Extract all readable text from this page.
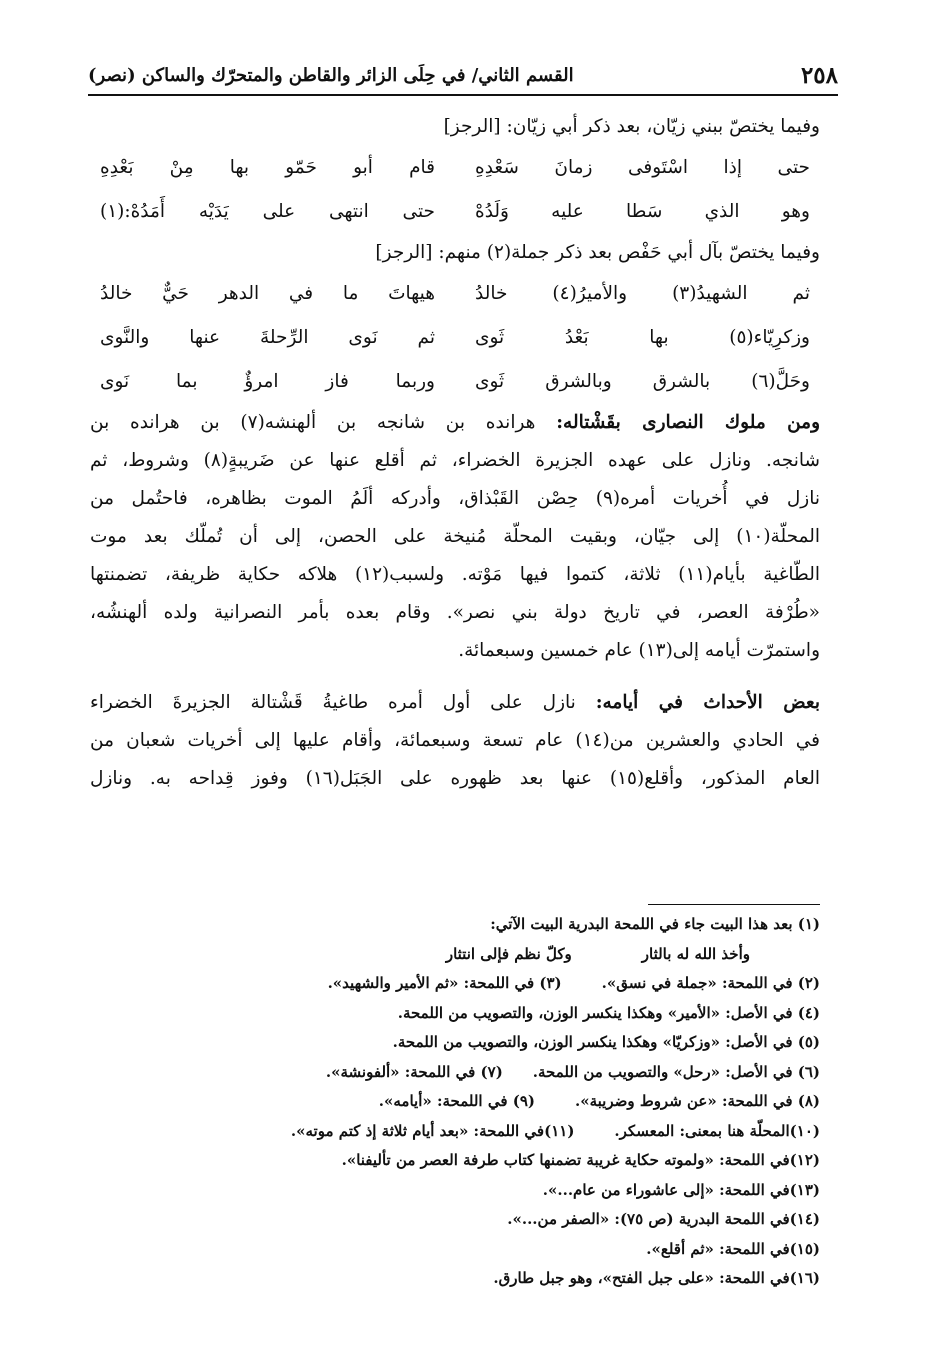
٢٥٨
القسم الثاني/ في حِلَى الزائر والقاطن والمتحرّك والساكن (نصر)
وفيما يختصّ ببني زيّان، بعد ذكر أبي زيّان: [الرجز]
حتى إذا اسْتَوفى زمانَ سَعْدِهِ
قام أبو حَمّو بها مِنْ بَعْدِهِ
وهو الذي سَطا عليه وَلَدُهْ
حتى انتهى على يَدَيْه أَمَدُهْ:(١)
وفيما يختصّ بآل أبي حَفْص بعد ذكر جملة(٢) منهم: [الرجز]
ثم الشهيدُ(٣) والأميرُ(٤) خالدُ
هيهاتَ ما في الدهر حَيٌّ خالدُ
وزكرِيّاء(٥) بها بَعْدُ ثَوى
ثم نَوى الرِّحلةَ عنها والنَّوى
وحَلَّ(٦) بالشرق وبالشرق ثَوى
وربما فاز امرؤٌ بما نَوى
ومن ملوك النصارى بقَشْتاله: هرانده بن شانجه بن ألهنشه(٧) بن هرانده بن
شانجه. ونازل على عهده الجزيرة الخضراء، ثم أقلع عنها عن ضَريبةٍ(٨) وشروط، ثم
نازل في أُخريات أمره(٩) حِصْن القَبْذاق، وأدركه ألَمُ الموت بظاهره، فاحتُمل من
المحلّة(١٠) إلى جيّان، وبقيت المحلّة مُنيخة على الحصن، إلى أن تُملّك بعد موت
الطّاغية بأيام(١١) ثلاثة، كتموا فيها مَوْته. ولسبب(١٢) هلاكه حكاية ظريفة، تضمنتها
«طُرْفة العصر، في تاريخ دولة بني نصر». وقام بعده بأمر النصرانية ولده ألهنشُه،
واستمرّت أيامه إلى(١٣) عام خمسين وسبعمائة.
بعض الأحداث في أيامه: نازل على أول أمره طاغيةُ قَشْتالة الجزيرةَ الخضراء
في الحادي والعشرين من(١٤) عام تسعة وسبعمائة، وأقام عليها إلى أخريات شعبان من
العام المذكور، وأقلع(١٥) عنها بعد ظهوره على الجَبَل(١٦) وفوز قِداحه به. ونازل
(١) بعد هذا البيت جاء في اللمحة البدرية البيت الآتي:
وأخذ الله له بالثار
وكلّ نظم فإلى انتثار
(٢) في اللمحة: «جملة في نسق».(٣) في اللمحة: «ثم الأمير والشهيد».
(٤) في الأصل: «الأمير» وهكذا ينكسر الوزن، والتصويب من اللمحة.
(٥) في الأصل: «وزكريّا» وهكذا ينكسر الوزن، والتصويب من اللمحة.
(٦) في الأصل: «رحل» والتصويب من اللمحة.(٧) في اللمحة: «ألفونشة».
(٨) في اللمحة: «عن شروط وضريبة».(٩) في اللمحة: «أيامه».
(١٠)المحلّة هنا بمعنى: المعسكر.(١١)في اللمحة: «بعد أيام ثلاثة إذ كتم موته».
(١٢)في اللمحة: «ولموته حكاية غريبة تضمنها كتاب طرفة العصر من تأليفنا».
(١٣)في اللمحة: «إلى عاشوراء من عام...».
(١٤)في اللمحة البدرية (ص ٧٥): «الصفر من...».
(١٥)في اللمحة: «ثم أقلع».
(١٦)في اللمحة: «على جبل الفتح»، وهو جبل طارق.
